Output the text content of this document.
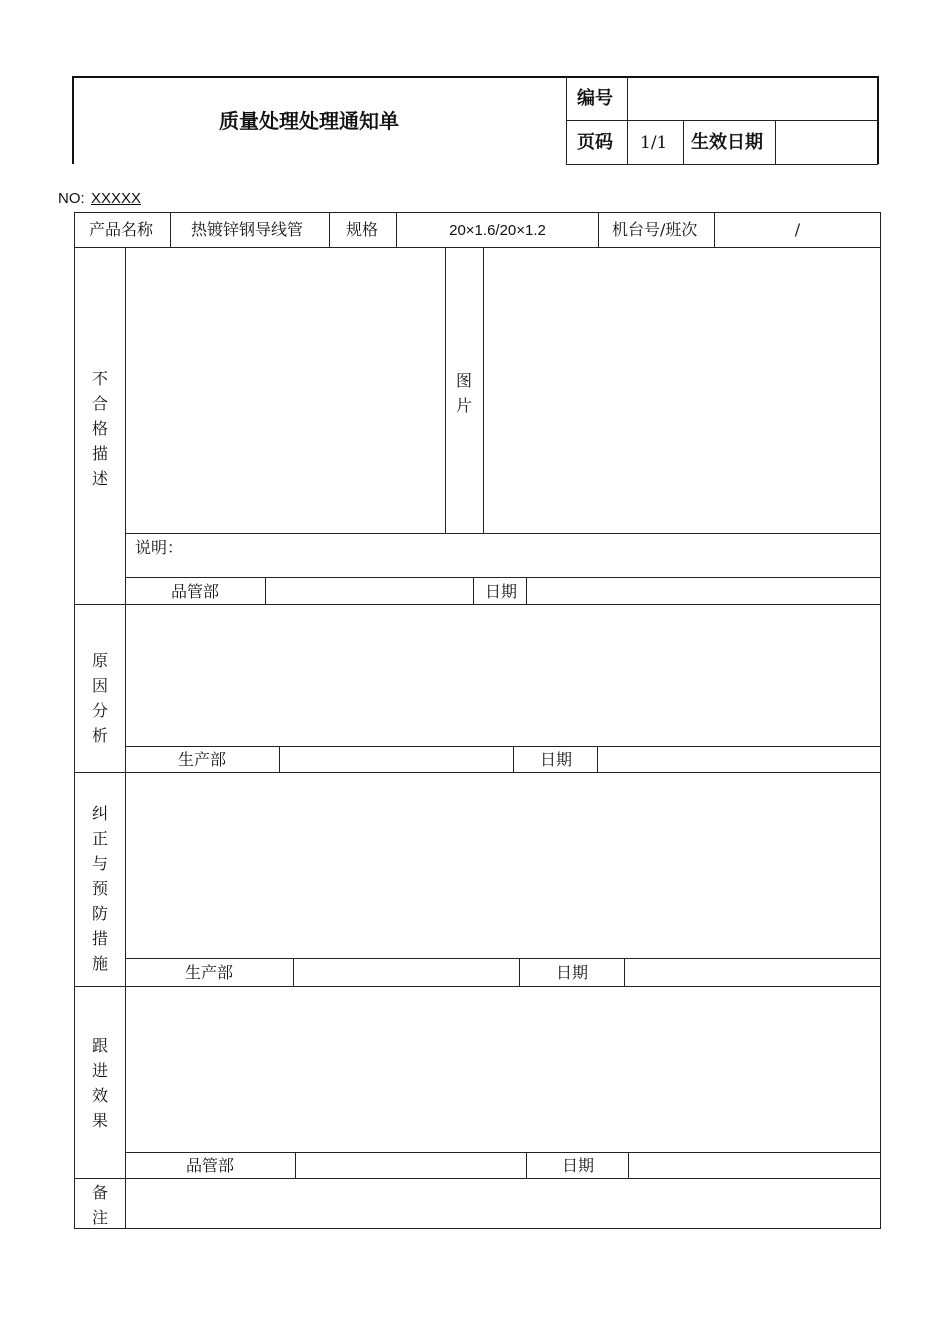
质量处理处理通知单
编号
页码 1/1 生效日期
NO: XXXXX
产品名称 热镀锌钢导线管	规格	20×1.6/20×1.2	机台号/班次	/
不合格描述
图片
说明：
品管部	日期
原因分析
生产部	日期
纠正与预防措施	生产部	日期
跟进效果
品管部	日期
备注
